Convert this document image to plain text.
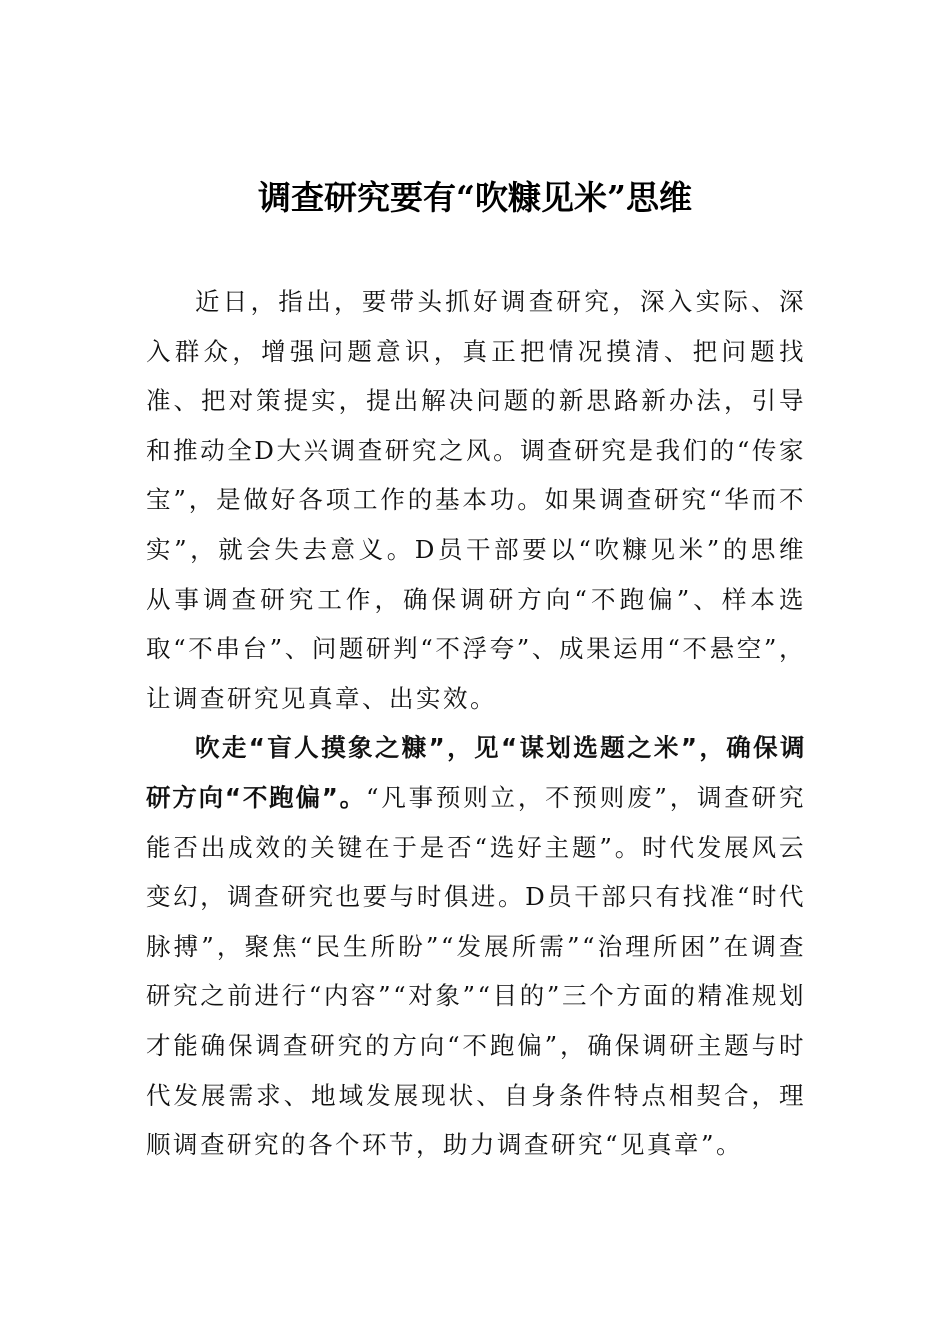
调查研究要有“吹糠见米”思维

近日，指出，要带头抓好调查研究，深入实际、深入群众，增强问题意识，真正把情况摸清、把问题找准、把对策提实，提出解决问题的新思路新办法，引导和推动全D大兴调查研究之风。调查研究是我们的“传家宝”，是做好各项工作的基本功。如果调查研究“华而不实”，就会失去意义。D员干部要以“吹糠见米”的思维从事调查研究工作，确保调研方向“不跑偏”、样本选取“不串台”、问题研判“不浮夸”、成果运用“不悬空”，让调查研究见真章、出实效。

吹走“盲人摸象之糠”，见“谋划选题之米”，确保调研方向“不跑偏”。“凡事预则立，不预则废”，调查研究能否出成效的关键在于是否“选好主题”。时代发展风云变幻，调查研究也要与时俱进。D员干部只有找准“时代脉搏”，聚焦“民生所盼”“发展所需”“治理所困”在调查研究之前进行“内容”“对象”“目的”三个方面的精准规划才能确保调查研究的方向“不跑偏”，确保调研主题与时代发展需求、地域发展现状、自身条件特点相契合，理顺调查研究的各个环节，助力调查研究“见真章”。
